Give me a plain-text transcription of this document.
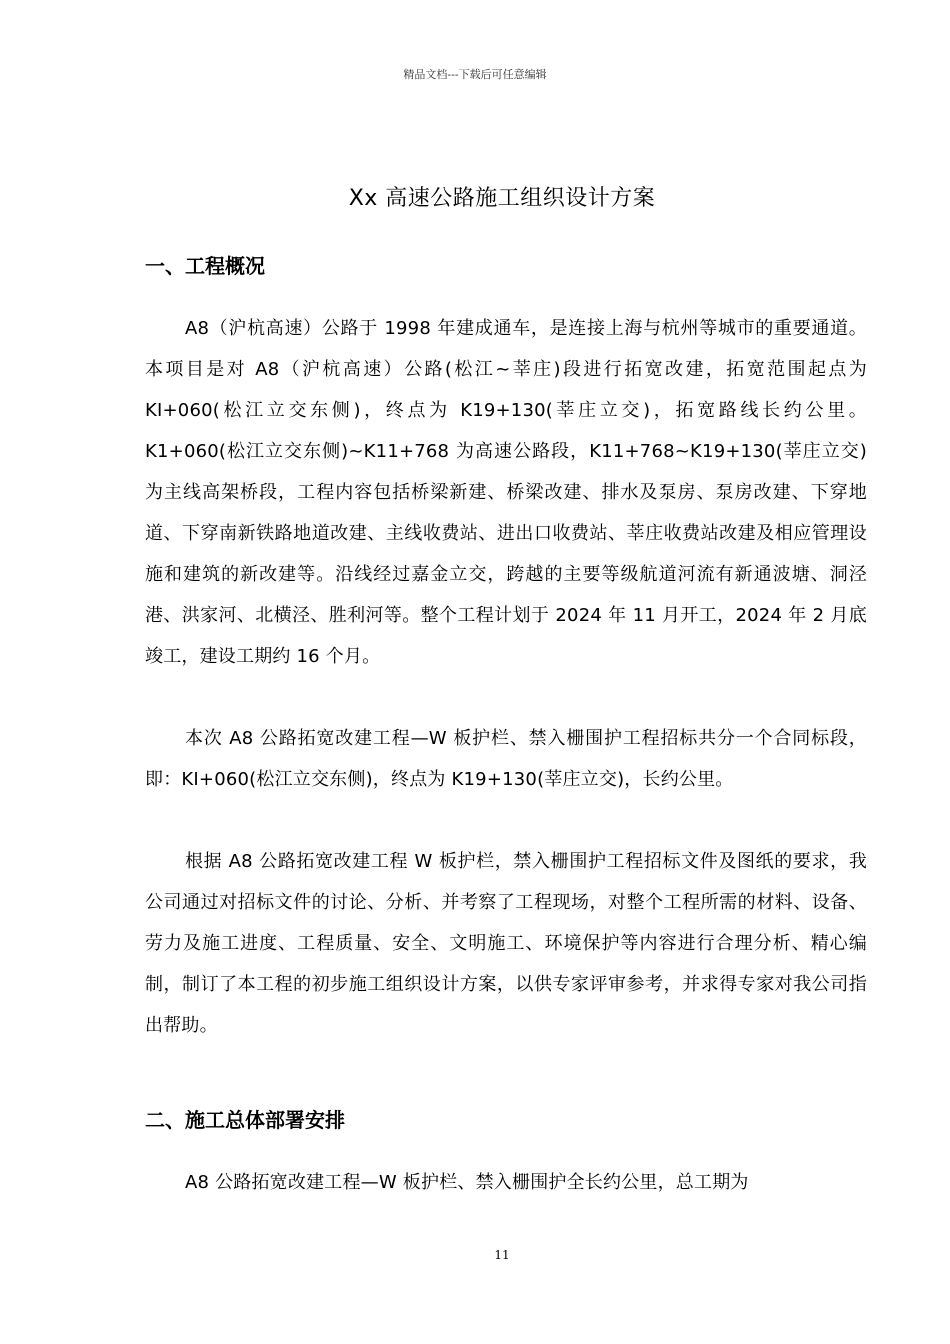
精品文档---下载后可任意编辑
Xx 高速公路施工组织设计方案
一、工程概况

A8（沪杭高速）公路于 1998 年建成通车，是连接上海与杭州等城市的重要通道。本项目是对 A8（沪杭高速）公路(松江~莘庄)段进行拓宽改建，拓宽范围起点为 KI+060(松江立交东侧)，终点为 K19+130(莘庄立交)，拓宽路线长约公里。K1+060(松江立交东侧)~K11+768 为高速公路段，K11+768~K19+130(莘庄立交)为主线高架桥段，工程内容包括桥梁新建、桥梁改建、排水及泵房、泵房改建、下穿地道、下穿南新铁路地道改建、主线收费站、进出口收费站、莘庄收费站改建及相应管理设施和建筑的新改建等。沿线经过嘉金立交，跨越的主要等级航道河流有新通波塘、洞泾港、洪家河、北横泾、胜利河等。整个工程计划于 2024 年 11 月开工，2024 年 2 月底竣工，建设工期约 16 个月。

本次 A8 公路拓宽改建工程—W 板护栏、禁入栅围护工程招标共分一个合同标段，即：KI+060(松江立交东侧)，终点为 K19+130(莘庄立交)，长约公里。

根据 A8 公路拓宽改建工程 W 板护栏，禁入栅围护工程招标文件及图纸的要求，我公司通过对招标文件的讨论、分析、并考察了工程现场，对整个工程所需的材料、设备、劳力及施工进度、工程质量、安全、文明施工、环境保护等内容进行合理分析、精心编制，制订了本工程的初步施工组织设计方案，以供专家评审参考，并求得专家对我公司指出帮助。

二、施工总体部署安排

A8 公路拓宽改建工程—W 板护栏、禁入栅围护全长约公里，总工期为

11
